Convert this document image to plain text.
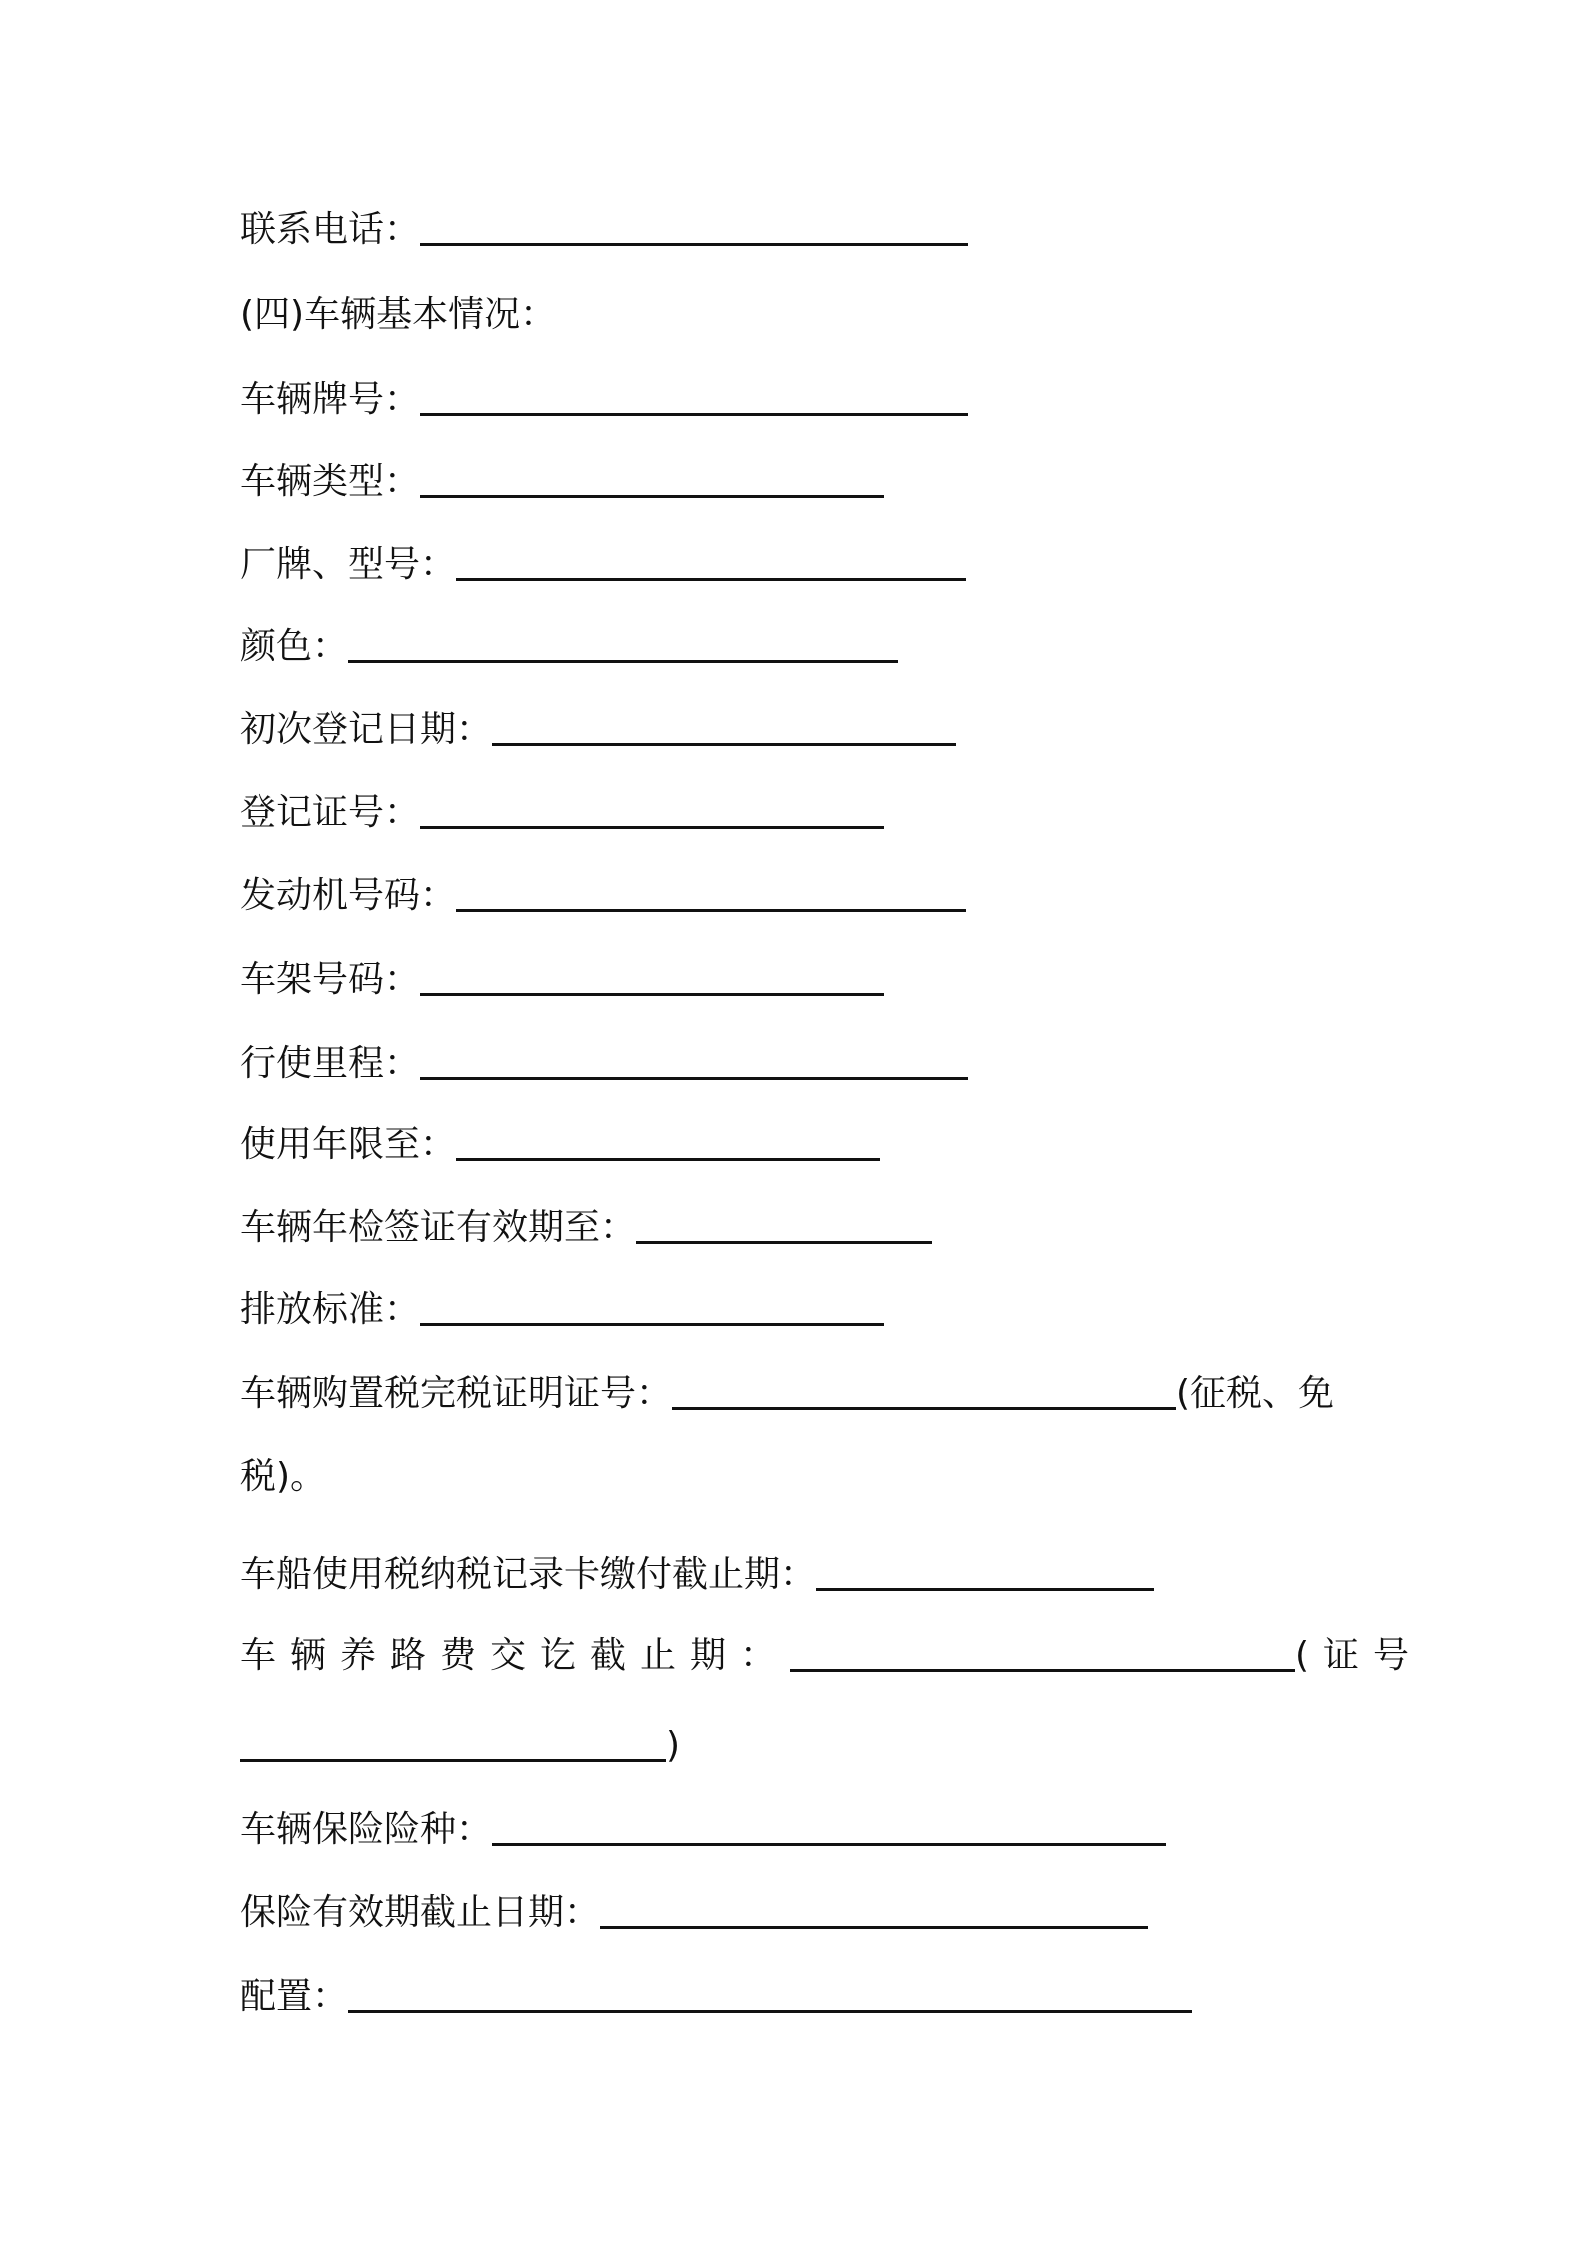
联系电话：
(四)车辆基本情况：
车辆牌号：
车辆类型：
厂牌、型号：
颜色：
初次登记日期：
登记证号：
发动机号码：
车架号码：
行使里程：
使用年限至：
车辆年检签证有效期至：
排放标准：
车辆购置税完税证明证号：	(征税、免
税)。
车船使用税纳税记录卡缴付截止期：
车辆养路费交讫截止期：	(证号
)
车辆保险险种：
保险有效期截止日期：
配置：
